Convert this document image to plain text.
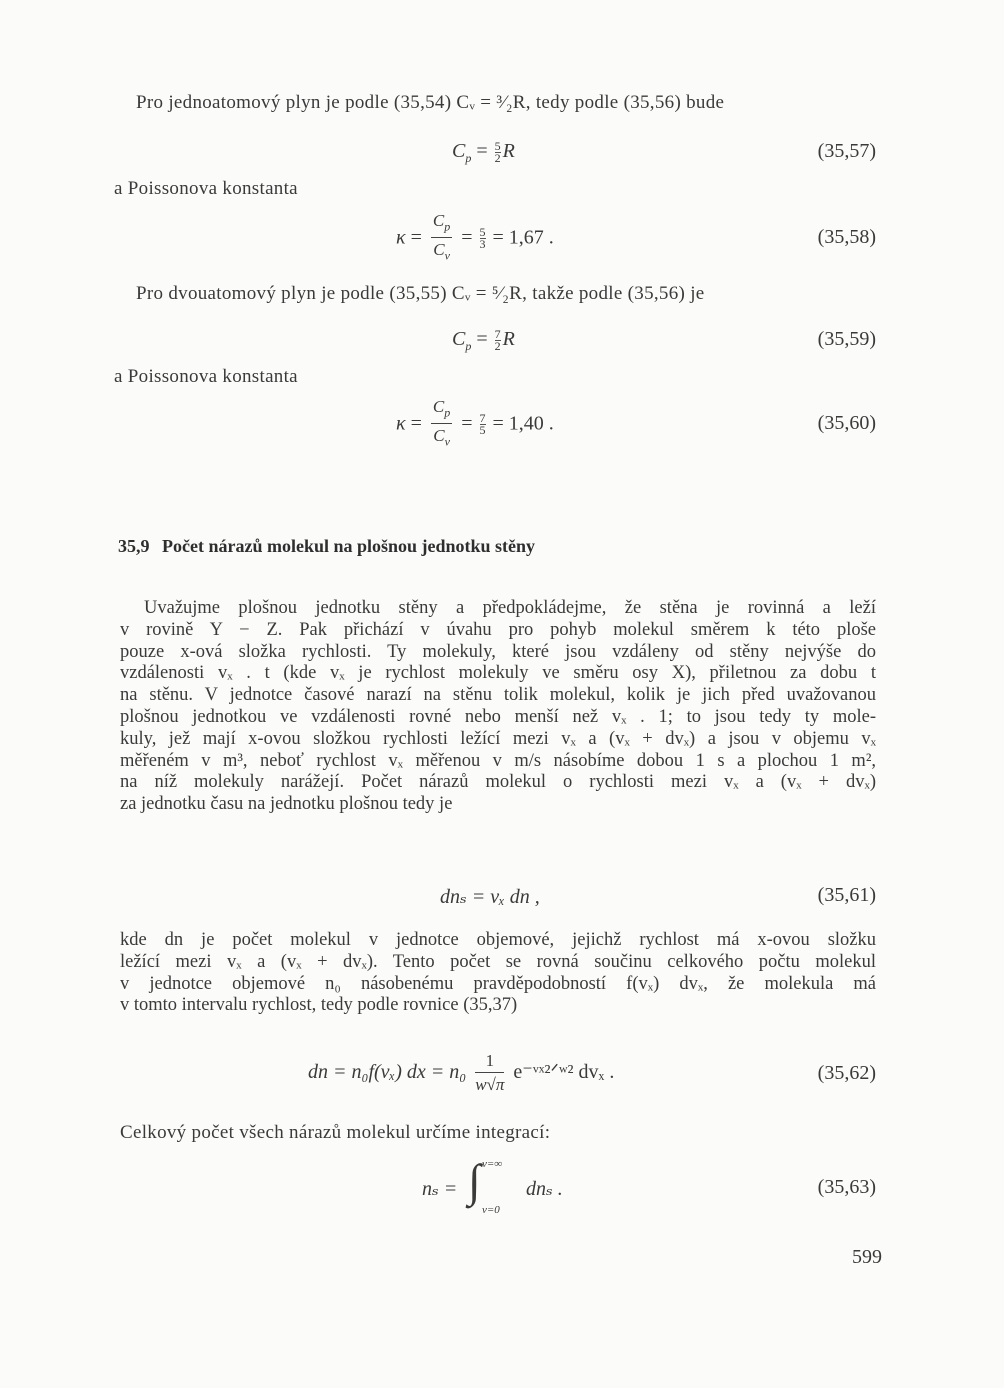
Pro jednoatomový plyn je podle (35,54) Cᵥ = ³⁄₂R, tedy podle (35,56) bude
$C_p = \frac{5}{2}$ R	(35,57)
a Poissonova konstanta
$\kappa = \frac{C_p}{C_v} = \frac{5}{3} = 1,67$ .	(35,58)
Pro dvouatomový plyn je podle (35,55) Cᵥ = ⁵⁄₂R, takže podle (35,56) je
$C_p = \frac{7}{2}$ R	(35,59)
a Poissonova konstanta
$\kappa = \frac{C_p}{C_v} = \frac{7}{5} = 1,40$ .	(35,60)
35,9 Počet nárazů molekul na plošnou jednotku stěny
Uvažujme plošnou jednotku stěny a předpokládejme, že stěna je rovinná a leží
v rovině Y − Z. Pak přichází v úvahu pro pohyb molekul směrem k této ploše
pouze x-ová složka rychlosti. Ty molekuly, které jsou vzdáleny od stěny nejvýše do
vzdálenosti vₓ . t (kde vₓ je rychlost molekuly ve směru osy X), přiletnou za dobu t
na stěnu. V jednotce časové narazí na stěnu tolik molekul, kolik je jich před uvažovanou
plošnou jednotkou ve vzdálenosti rovné nebo menší než vₓ . 1; to jsou tedy ty mole-
kuly, jež mají x-ovou složkou rychlosti ležící mezi vₓ a (vₓ + dvₓ) a jsou v objemu vₓ
měřeném v m³, neboť rychlost vₓ měřenou v m/s násobíme dobou 1 s a plochou 1 m²,
na níž molekuly narážejí. Počet nárazů molekul o rychlosti mezi vₓ a (vₓ + dvₓ)
za jednotku času na jednotku plošnou tedy je
dnₛ = vₓ dn ,	(35,61)
kde dn je počet molekul v jednotce objemové, jejichž rychlost má x-ovou složku
ležící mezi vₓ a (vₓ + dvₓ). Tento počet se rovná součinu celkového počtu molekul
v jednotce objemové n₀ násobenému pravděpodobností f(vₓ) dvₓ, že molekula má
v tomto intervalu rychlost, tedy podle rovnice (35,37)
dn = n₀f(vₓ) dx = $n_0 \frac{1}{w√\pi}$ e⁻ᵛˣ²ᐟʷ² dvₓ .	(35,62)
Celkový počet všech nárazů molekul určíme integrací:
nₛ = ∫ v=∞
v=0
dnₛ .	(35,63)
599
